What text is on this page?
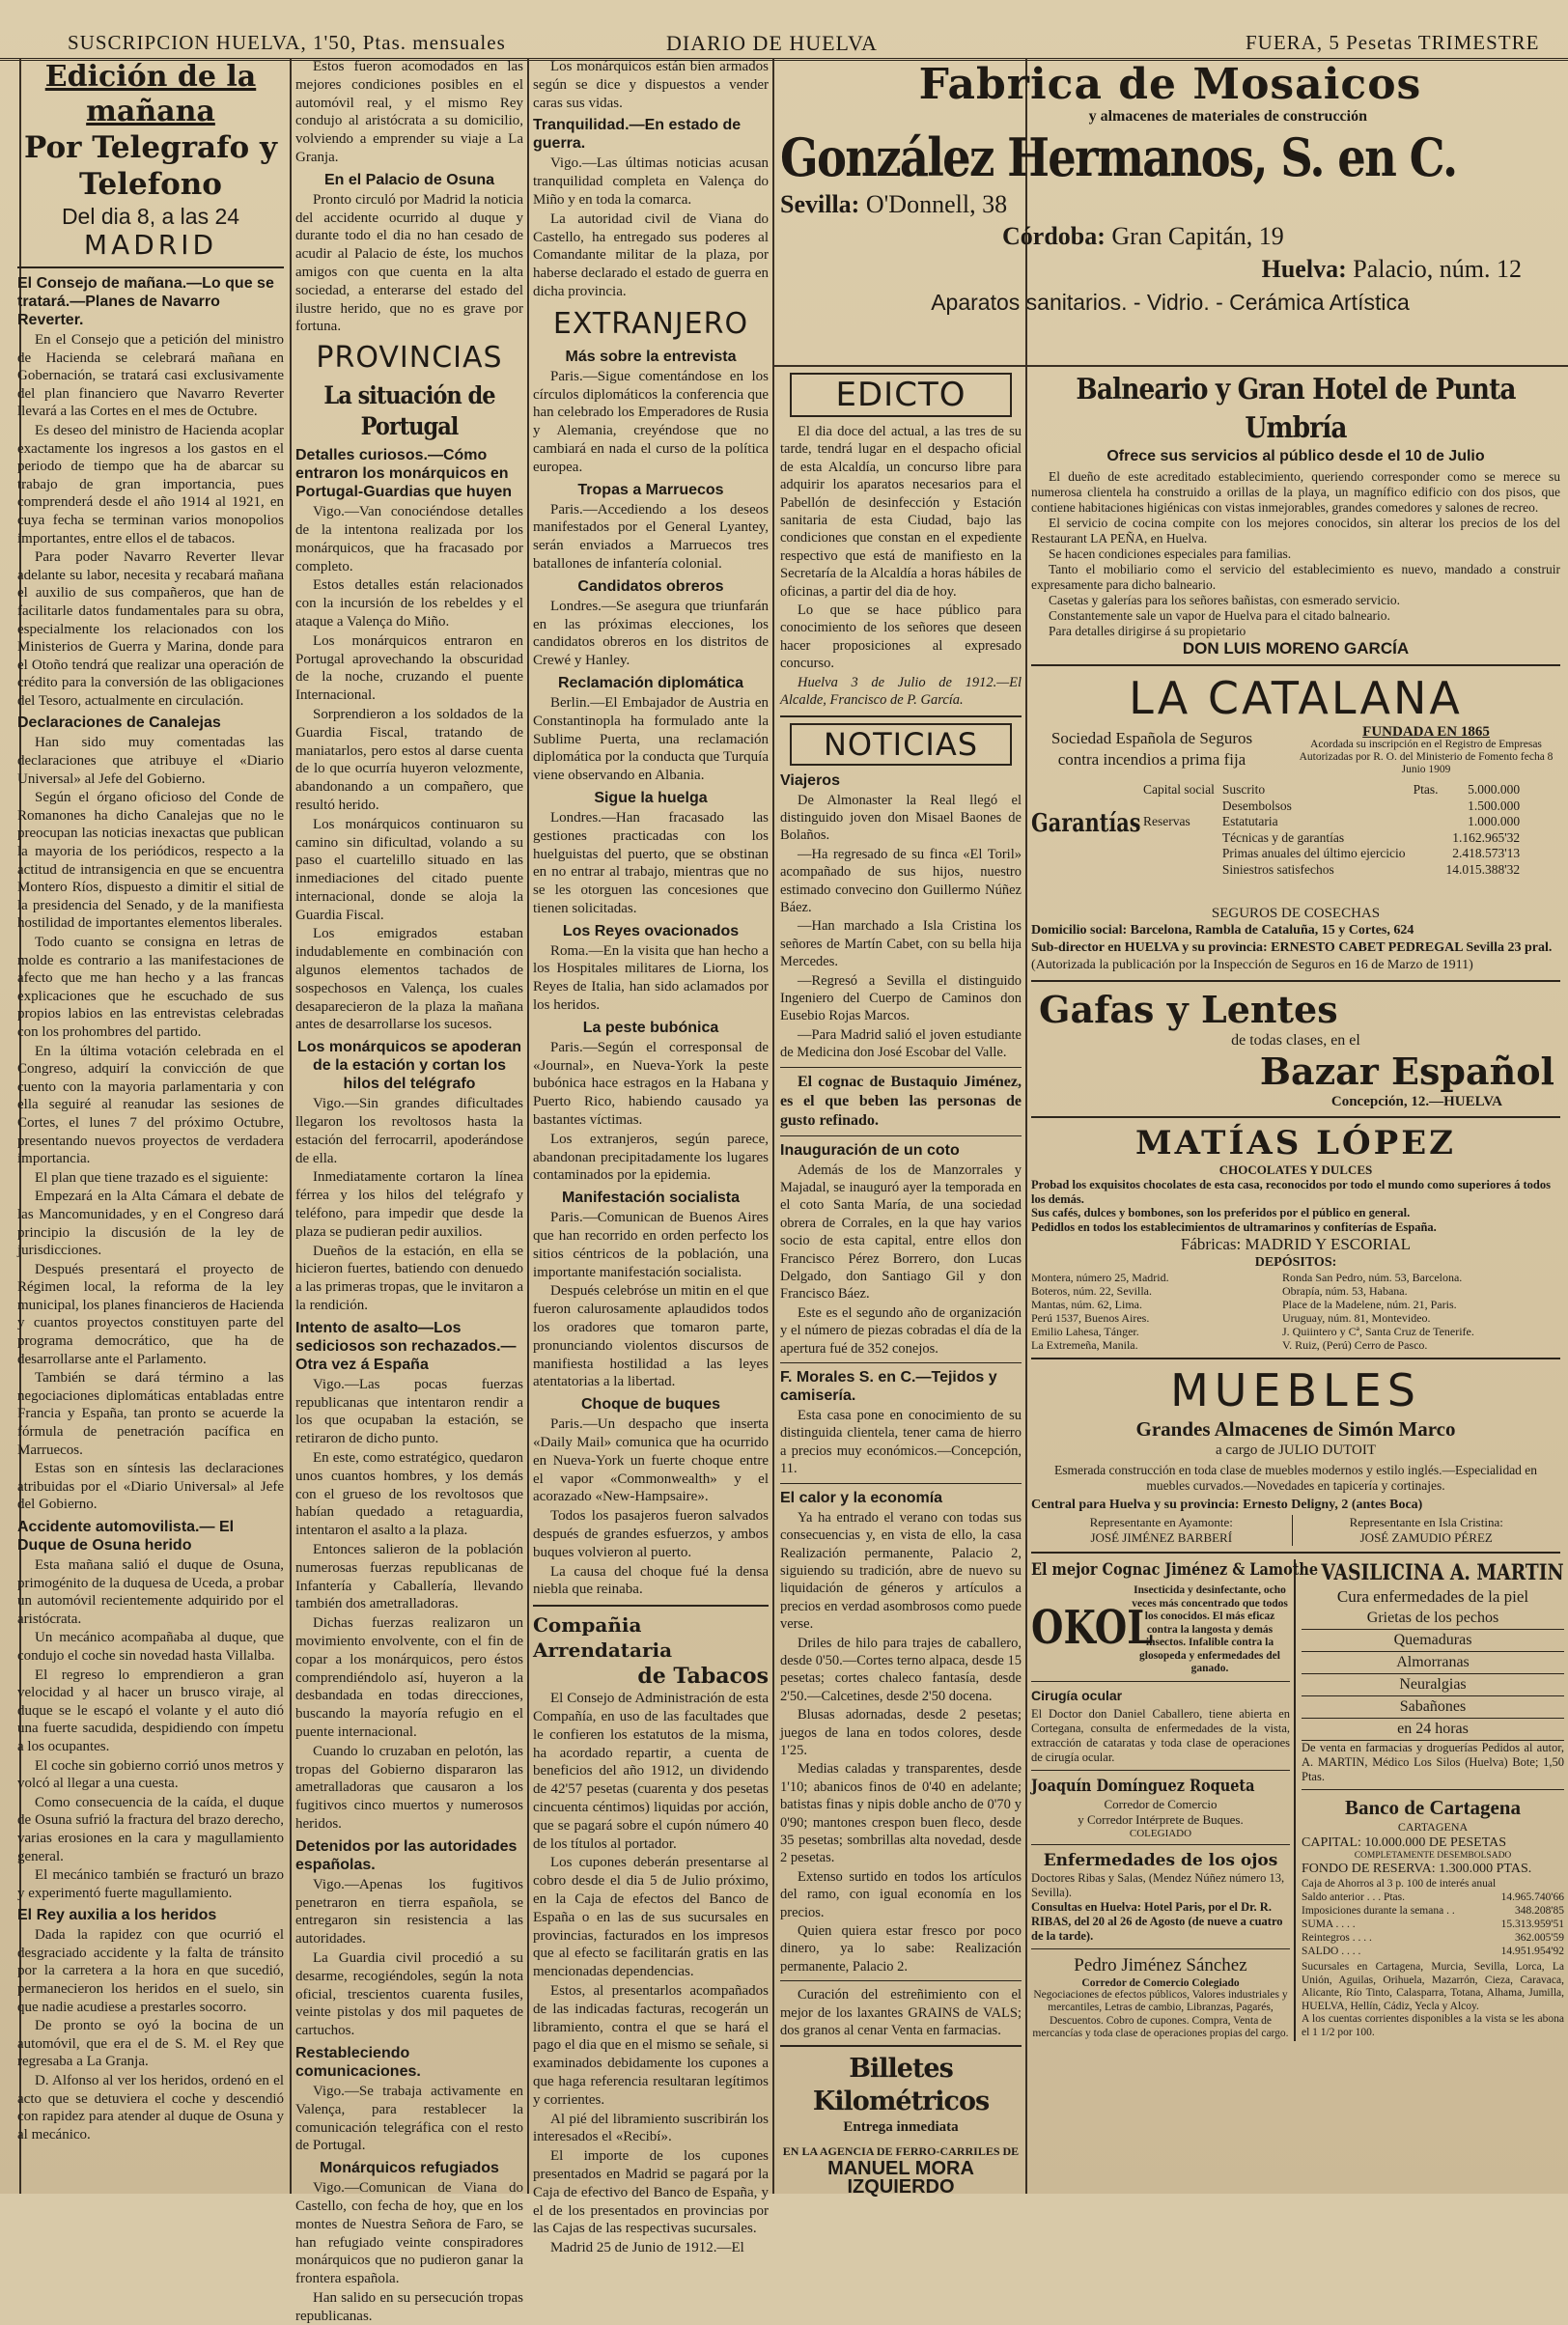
SUSCRIPCION HUELVA, 1'50, Ptas. mensuales	DIARIO DE HUELVA	FUERA, 5 Pesetas TRIMESTRE
Edición de la mañana
Por Telegrafo y Telefono
Del dia 8, a las 24
MADRID
El Consejo de mañana.—Lo que se tratará.—Planes de Navarro Reverter.

En el Consejo que a petición del ministro de Hacienda se celebrará mañana en Gobernación, se tratará casi exclusivamente del plan financiero que Navarro Reverter llevará a las Cortes en el mes de Octubre.

Es deseo del ministro de Hacienda acoplar exactamente los ingresos a los gastos en el periodo de tiempo que ha de abarcar su trabajo de gran importancia, pues comprenderá desde el año 1914 al 1921, en cuya fecha se terminan varios monopolios importantes, entre ellos el de tabacos.

Para poder Navarro Reverter llevar adelante su labor, necesita y recabará mañana el auxilio de sus compañeros, que han de facilitarle datos fundamentales para su obra, especialmente los relacionados con los Ministerios de Guerra y Marina, donde para el Otoño tendrá que realizar una operación de crédito para la conversión de las obligaciones del Tesoro, actualmente en circulación.

Declaraciones de Canalejas

Han sido muy comentadas las declaraciones que atribuye el «Diario Universal» al Jefe del Gobierno.

Según el órgano oficioso del Conde de Romanones ha dicho Canalejas que no le preocupan las noticias inexactas que publican la mayoria de los periódicos, respecto a la actitud de intransigencia en que se encuentra Montero Ríos, dispuesto a dimitir el sitial de la presidencia del Senado, y de la manifiesta hostilidad de importantes elementos liberales.

Todo cuanto se consigna en letras de molde es contrario a las manifestaciones de afecto que me han hecho y a las francas explicaciones que he escuchado de sus propios labios en las entrevistas celebradas con los prohombres del partido.

En la última votación celebrada en el Congreso, adquirí la convicción de que cuento con la mayoria parlamentaria y con ella seguiré al reanudar las sesiones de Cortes, el lunes 7 del próximo Octubre, presentando nuevos proyectos de verdadera importancia.

El plan que tiene trazado es el siguiente:

Empezará en la Alta Cámara el debate de las Mancomunidades, y en el Congreso dará principio la discusión de la ley de jurisdicciones.

Después presentará el proyecto de Régimen local, la reforma de la ley municipal, los planes financieros de Hacienda y cuantos proyectos constituyen parte del programa democrático, que ha de desarrollarse ante el Parlamento.

También se dará término a las negociaciones diplomáticas entabladas entre Francia y España, tan pronto se acuerde la fórmula de penetración pacífica en Marruecos.

Estas son en síntesis las declaraciones atribuidas por el «Diario Universal» al Jefe del Gobierno.

Accidente automovilista.— El Duque de Osuna herido

Esta mañana salió el duque de Osuna, primogénito de la duquesa de Uceda, a probar un automóvil recientemente adquirido por el aristócrata.

Un mecánico acompañaba al duque, que condujo el coche sin novedad hasta Villalba.

El regreso lo emprendieron a gran velocidad y al hacer un brusco viraje, al duque se le escapó el volante y el auto dió una fuerte sacudida, despidiendo con ímpetu a los ocupantes.

El coche sin gobierno corrió unos metros y volcó al llegar a una cuesta.

Como consecuencia de la caída, el duque de Osuna sufrió la fractura del brazo derecho, varias erosiones en la cara y magullamiento general.

El mecánico también se fracturó un brazo y experimentó fuerte magullamiento.

El Rey auxilia a los heridos

Dada la rapidez con que ocurrió el desgraciado accidente y la falta de tránsito por la carretera a la hora en que sucedió, permanecieron los heridos en el suelo, sin que nadie acudiese a prestarles socorro.

De pronto se oyó la bocina de un automóvil, que era el de S. M. el Rey que regresaba a La Granja.

D. Alfonso al ver los heridos, ordenó en el acto que se detuviera el coche y descendió con rapidez para atender al duque de Osuna y al mecánico.

Estos fueron acomodados en las mejores condiciones posibles en el automóvil real, y el mismo Rey condujo al aristócrata a su domicilio, volviendo a emprender su viaje a La Granja.

En el Palacio de Osuna

Pronto circuló por Madrid la noticia del accidente ocurrido al duque y durante todo el dia no han cesado de acudir al Palacio de éste, los muchos amigos con que cuenta en la alta sociedad, a enterarse del estado del ilustre herido, que no es grave por fortuna.

PROVINCIAS
La situación de Portugal
Detalles curiosos.—Cómo entraron los monárquicos en Portugal-Guardias que huyen

Vigo.—Van conociéndose detalles de la intentona realizada por los monárquicos, que ha fracasado por completo.

Estos detalles están relacionados con la incursión de los rebeldes y el ataque a Valença do Miño.

Los monárquicos entraron en Portugal aprovechando la obscuridad de la noche, cruzando el puente Internacional.

Sorprendieron a los soldados de la Guardia Fiscal, tratando de maniatarlos, pero estos al darse cuenta de lo que ocurría huyeron velozmente, abandonando a un compañero, que resultó herido.

Los monárquicos continuaron su camino sin dificultad, volando a su paso el cuartelillo situado en las inmediaciones del citado puente internacional, donde se aloja la Guardia Fiscal.

Los emigrados estaban indudablemente en combinación con algunos elementos tachados de sospechosos en Valença, los cuales desaparecieron de la plaza la mañana antes de desarrollarse los sucesos.

Los monárquicos se apoderan de la estación y cortan los hilos del telégrafo

Vigo.—Sin grandes dificultades llegaron los revoltosos hasta la estación del ferrocarril, apoderándose de ella.

Inmediatamente cortaron la línea férrea y los hilos del telégrafo y teléfono, para impedir que desde la plaza se pudieran pedir auxilios.

Dueños de la estación, en ella se hicieron fuertes, batiendo con denuedo a las primeras tropas, que le invitaron a la rendición.

Intento de asalto—Los sediciosos son rechazados.— Otra vez á España

Vigo.—Las pocas fuerzas republicanas que intentaron rendir a los que ocupaban la estación, se retiraron de dicho punto.

En este, como estratégico, quedaron unos cuantos hombres, y los demás con el grueso de los revoltosos que habían quedado a retaguardia, intentaron el asalto a la plaza.

Entonces salieron de la población numerosas fuerzas republicanas de Infantería y Caballería, llevando también dos ametralladoras.

Dichas fuerzas realizaron un movimiento envolvente, con el fin de copar a los monárquicos, pero éstos comprendiéndolo así, huyeron a la desbandada en todas direcciones, buscando la mayoría refugio en el puente internacional.

Cuando lo cruzaban en pelotón, las tropas del Gobierno dispararon las ametralladoras que causaron a los fugitivos cinco muertos y numerosos heridos.

Detenidos por las autoridades españolas.

Vigo.—Apenas los fugitivos penetraron en tierra española, se entregaron sin resistencia a las autoridades.

La Guardia civil procedió a su desarme, recogiéndoles, según la nota oficial, trescientos cuarenta fusiles, veinte pistolas y dos mil paquetes de cartuchos.

Restableciendo comunicaciones.

Vigo.—Se trabaja activamente en Valença, para restablecer la comunicación telegráfica con el resto de Portugal.

Monárquicos refugiados

Vigo.—Comunican de Viana do Castello, con fecha de hoy, que en los montes de Nuestra Señora de Faro, se han refugiado veinte conspiradores monárquicos que no pudieron ganar la frontera española.

Han salido en su persecución tropas republicanas.

Los monárquicos están bien armados según se dice y dispuestos a vender caras sus vidas.

Tranquilidad.—En estado de guerra.

Vigo.—Las últimas noticias acusan tranquilidad completa en Valença do Miño y en toda la comarca.

La autoridad civil de Viana do Castello, ha entregado sus poderes al Comandante militar de la plaza, por haberse declarado el estado de guerra en dicha provincia.

EXTRANJERO
Más sobre la entrevista

Paris.—Sigue comentándose en los círculos diplomáticos la conferencia que han celebrado los Emperadores de Rusia y Alemania, creyéndose que no cambiará en nada el curso de la política europea.

Tropas a Marruecos

Paris.—Accediendo a los deseos manifestados por el General Lyantey, serán enviados a Marruecos tres batallones de infantería colonial.

Candidatos obreros

Londres.—Se asegura que triunfarán en las próximas elecciones, los candidatos obreros en los distritos de Crewé y Hanley.

Reclamación diplomática

Berlin.—El Embajador de Austria en Constantinopla ha formulado ante la Sublime Puerta, una reclamación diplomática por la conducta que Turquía viene observando en Albania.

Sigue la huelga

Londres.—Han fracasado las gestiones practicadas con los huelguistas del puerto, que se obstinan en no entrar al trabajo, mientras que no se les otorguen las concesiones que tienen solicitadas.

Los Reyes ovacionados

Roma.—En la visita que han hecho a los Hospitales militares de Liorna, los Reyes de Italia, han sido aclamados por los heridos.

La peste bubónica

Paris.—Según el corresponsal de «Journal», en Nueva-York la peste bubónica hace estragos en la Habana y Puerto Rico, habiendo causado ya bastantes víctimas.

Los extranjeros, según parece, abandonan precipitadamente los lugares contaminados por la epidemia.

Manifestación socialista

Paris.—Comunican de Buenos Aires que han recorrido en orden perfecto los sitios céntricos de la población, una importante manifestación socialista.

Después celebróse un mitin en el que fueron calurosamente aplaudidos todos los oradores que tomaron parte, pronunciando violentos discursos de manifiesta hostilidad a las leyes atentatorias a la libertad.

Choque de buques

Paris.—Un despacho que inserta «Daily Mail» comunica que ha ocurrido en Nueva-York un fuerte choque entre el vapor «Commonwealth» y el acorazado «New-Hampsaire».

Todos los pasajeros fueron salvados después de grandes esfuerzos, y ambos buques volvieron al puerto.

La causa del choque fué la densa niebla que reinaba.

Compañia Arrendataria
de Tabacos

El Consejo de Administración de esta Compañía, en uso de las facultades que le confieren los estatutos de la misma, ha acordado repartir, a cuenta de beneficios del año 1912, un dividendo de 42'57 pesetas (cuarenta y dos pesetas cincuenta céntimos) liquidas por acción, que se pagará sobre el cupón número 40 de los títulos al portador.

Los cupones deberán presentarse al cobro desde el dia 5 de Julio próximo, en la Caja de efectos del Banco de España o en las de sus sucursales en provincias, facturados en los impresos que al efecto se facilitarán gratis en las mencionadas dependencias.

Estos, al presentarlos acompañados de las indicadas facturas, recogerán un libramiento, contra el que se hará el pago el dia que en el mismo se señale, si examinados debidamente los cupones a que haga referencia resultaran legítimos y corrientes.

Al pié del libramiento suscribirán los interesados el «Recibí».

El importe de los cupones presentados en Madrid se pagará por la Caja de efectivo del Banco de España, y el de los presentados en provincias por las Cajas de las respectivas sucursales.

Madrid 25 de Junio de 1912.—El

Fabrica de Mosaicos
y almacenes de materiales de construcción
González Hermanos, S. en C.
Sevilla: O'Donnell, 38
Córdoba: Gran Capitán, 19
Huelva: Palacio, núm. 12
Aparatos sanitarios. - Vidrio. - Cerámica Artística
EDICTO

El dia doce del actual, a las tres de su tarde, tendrá lugar en el despacho oficial de esta Alcaldía, un concurso libre para adquirir los aparatos necesarios para el Pabellón de desinfección y Estación sanitaria de esta Ciudad, bajo las condiciones que constan en el expediente respectivo que está de manifiesto en la Secretaría de la Alcaldía a horas hábiles de oficinas, a partir del dia de hoy.

Lo que se hace público para conocimiento de los señores que deseen hacer proposiciones al expresado concurso.

Huelva 3 de Julio de 1912.—El Alcalde, Francisco de P. García.

NOTICIAS
Viajeros

De Almonaster la Real llegó el distinguido joven don Misael Baones de Bolaños.

—Ha regresado de su finca «El Toril» acompañado de sus hijos, nuestro estimado convecino don Guillermo Núñez Báez.

—Han marchado a Isla Cristina los señores de Martín Cabet, con su bella hija Mercedes.

—Regresó a Sevilla el distinguido Ingeniero del Cuerpo de Caminos don Eusebio Rojas Marcos.

—Para Madrid salió el joven estudiante de Medicina don José Escobar del Valle.

El cognac de Bustaquio Jiménez, es el que beben las personas de gusto refinado.

Inauguración de un coto

Además de los de Manzorrales y Majadal, se inauguró ayer la temporada en el coto Santa María, de una sociedad obrera de Corrales, en la que hay varios socio de esta capital, entre ellos don Francisco Pérez Borrero, don Lucas Delgado, don Santiago Gil y don Francisco Báez.

Este es el segundo año de organización y el número de piezas cobradas el día de la apertura fué de 352 conejos.

F. Morales S. en C.—Tejidos y camisería.

Esta casa pone en conocimiento de su distinguida clientela, tener cama de hierro a precios muy económicos.—Concepción, 11.

El calor y la economía

Ya ha entrado el verano con todas sus consecuencias y, en vista de ello, la casa Realización permanente, Palacio 2, siguiendo su tradición, abre de nuevo su liquidación de géneros y artículos a precios en verdad asombrosos como puede verse.

Driles de hilo para trajes de caballero, desde 0'50.—Cortes terno alpaca, desde 15 pesetas; cortes chaleco fantasía, desde 2'50.—Calcetines, desde 2'50 docena.

Blusas adornadas, desde 2 pesetas; juegos de lana en todos colores, desde 1'25.

Medias caladas y transparentes, desde 1'10; abanicos finos de 0'40 en adelante; batistas finas y nipis doble ancho de 0'70 y 0'90; mantones crespon buen fleco, desde 35 pesetas; sombrillas alta novedad, desde 2 pesetas.

Extenso surtido en todos los artículos del ramo, con igual economía en los precios.

Quien quiera estar fresco por poco dinero, ya lo sabe: Realización permanente, Palacio 2.

Curación del estreñimiento con el mejor de los laxantes GRAINS de VALS; dos granos al cenar Venta en farmacias.

Billetes Kilométricos
Entrega inmediata
EN LA AGENCIA DE FERRO-CARRILES DE
MANUEL MORA IZQUIERDO
Balneario y Gran Hotel de Punta Umbría
Ofrece sus servicios al público desde el 10 de Julio

El dueño de este acreditado establecimiento, queriendo corresponder como se merece su numerosa clientela ha construido a orillas de la playa, un magnífico edificio con dos pisos, que contiene habitaciones higiénicas con vistas inmejorables, grandes comedores y salones de recreo.

El servicio de cocina compite con los mejores conocidos, sin alterar los precios de los del Restaurant LA PEÑA, en Huelva.

Se hacen condiciones especiales para familias.

Tanto el mobiliario como el servicio del establecimiento es nuevo, mandado a construir expresamente para dicho balneario.

Casetas y galerías para los señores bañistas, con esmerado servicio.

Constantemente sale un vapor de Huelva para el citado balneario.

Para detalles dirigirse á su propietario

DON LUIS MORENO GARCÍA
LA CATALANA
Sociedad Española de Seguros
contra incendios a prima fija
FUNDADA EN 1865
Acordada su inscripción en el Registro de Empresas Autorizadas por R. O. del Ministerio de Fomento fecha 8 Junio 1909
Garantías
Capital social	Suscrito	Ptas.	5.000.000
	Desembolsos		1.500.000
Reservas	Estatutaria		1.000.000
	Técnicas y de garantías		1.162.965'32
	Primas anuales del último ejercicio		2.418.573'13
	Siniestros satisfechos		14.015.388'32
SEGUROS DE COSECHAS
Domicilio social: Barcelona, Rambla de Cataluña, 15 y Cortes, 624
Sub-director en HUELVA y su provincia: ERNESTO CABET PEDREGAL Sevilla 23 pral.
(Autorizada la publicación por la Inspección de Seguros en 16 de Marzo de 1911)
Gafas y Lentes
de todas clases, en el
Bazar Español
Concepción, 12.—HUELVA
MATÍAS LÓPEZ
CHOCOLATES Y DULCES

Probad los exquisitos chocolates de esta casa, reconocidos por todo el mundo como superiores á todos los demás.

Sus cafés, dulces y bombones, son los preferidos por el público en general.

Pedidlos en todos los establecimientos de ultramarinos y confiterías de España.

Fábricas: MADRID Y ESCORIAL
DEPÓSITOS:
Montera, número 25, Madrid.
Boteros, núm. 22, Sevilla.
Mantas, núm. 62, Lima.
Perú 1537, Buenos Aires.
Emilio Lahesa, Tánger.
La Extremeña, Manila.
Ronda San Pedro, núm. 53, Barcelona.
Obrapía, núm. 53, Habana.
Place de la Madelene, núm. 21, Paris.
Uruguay, núm. 81, Montevideo.
J. Quiintero y Cª, Santa Cruz de Tenerife.
V. Ruiz, (Perú) Cerro de Pasco.
MUEBLES
Grandes Almacenes de Simón Marco
a cargo de JULIO DUTOIT

Esmerada construcción en toda clase de muebles modernos y estilo inglés.—Especialidad en muebles curvados.—Novedades en tapicería y cortinajes.

Central para Huelva y su provincia: Ernesto Deligny, 2 (antes Boca)
Representante en Ayamonte:
JOSÉ JIMÉNEZ BARBERÍ
Representante en Isla Cristina:
JOSÉ ZAMUDIO PÉREZ
El mejor Cognac Jiménez & Lamothe
OKOL
Insecticida y desinfectante, ocho veces más concentrado que todos los conocidos. El más eficaz contra la langosta y demás insectos. Infalible contra la glosopeda y enfermedades del ganado.
Cirugía ocular

El Doctor don Daniel Caballero, tiene abierta en Cortegana, consulta de enfermedades de la vista, extracción de cataratas y toda clase de operaciones de cirugía ocular.

Joaquín Domínguez Roqueta
Corredor de Comercio
y Corredor Intérprete de Buques.
COLEGIADO
Enfermedades de los ojos

Doctores Ribas y Salas, (Mendez Núñez número 13, Sevilla).

Consultas en Huelva: Hotel Paris, por el Dr. R. RIBAS, del 20 al 26 de Agosto (de nueve a cuatro de la tarde).

Pedro Jiménez Sánchez
Corredor de Comercio Colegiado

Negociaciones de efectos públicos, Valores industriales y mercantiles, Letras de cambio, Libranzas, Pagarés, Descuentos. Cobro de cupones. Compra, Venta de mercancías y toda clase de operaciones propias del cargo.

VASILICINA A. MARTIN
Cura enfermedades de la piel
Grietas de los pechos
Quemaduras
Almorranas
Neuralgias
Sabañones
en 24 horas

De venta en farmacias y droguerías Pedidos al autor, A. MARTIN, Médico Los Silos (Huelva) Bote; 1,50 Ptas.

Banco de Cartagena
CARTAGENA
CAPITAL: 10.000.000 DE PESETAS
COMPLETAMENTE DESEMBOLSADO
FONDO DE RESERVA: 1.300.000 PTAS.
Caja de Ahorros al 3 p. 100 de interés anual
Saldo anterior . . . Ptas.	14.965.740'66
Imposiciones durante la semana . .	348.208'85
SUMA . . . .	15.313.959'51
Reintegros . . . .	362.005'59
SALDO . . . .	14.951.954'92

Sucursales en Cartagena, Murcia, Sevilla, Lorca, La Unión, Aguilas, Orihuela, Mazarrón, Cieza, Caravaca, Alicante, Río Tinto, Calasparra, Totana, Alhama, Jumilla, HUELVA, Hellín, Cádiz, Yecla y Alcoy.

A los cuentas corrientes disponibles a la vista se les abona el 1 1/2 por 100.
